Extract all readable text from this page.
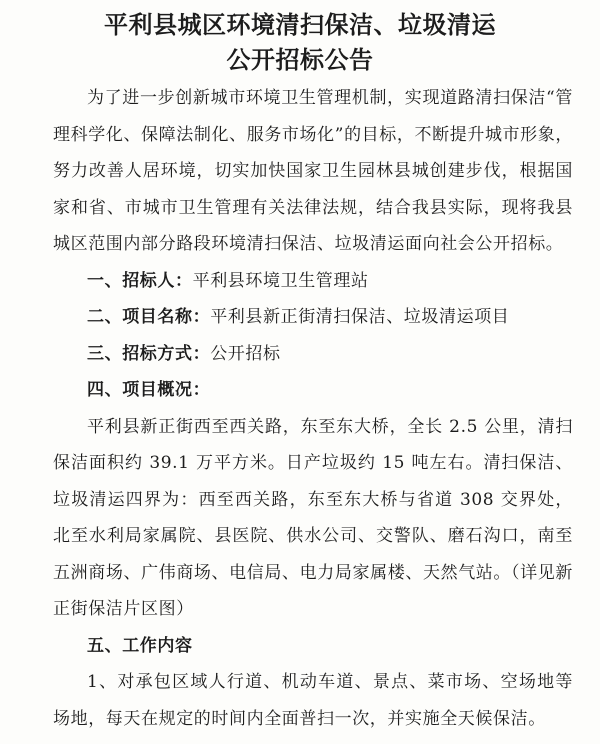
平利县城区环境清扫保洁、垃圾清运
公开招标公告

为了进一步创新城市环境卫生管理机制，实现道路清扫保洁“管理科学化、保障法制化、服务市场化”的目标，不断提升城市形象，努力改善人居环境，切实加快国家卫生园林县城创建步伐，根据国家和省、市城市卫生管理有关法律法规，结合我县实际，现将我县城区范围内部分路段环境清扫保洁、垃圾清运面向社会公开招标。

一、招标人：平利县环境卫生管理站

二、项目名称：平利县新正街清扫保洁、垃圾清运项目

三、招标方式：公开招标

四、项目概况：

平利县新正街西至西关路，东至东大桥，全长 2.5 公里，清扫保洁面积约 39.1 万平方米。日产垃圾约 15 吨左右。清扫保洁、垃圾清运四界为：西至西关路，东至东大桥与省道 308 交界处，北至水利局家属院、县医院、供水公司、交警队、磨石沟口，南至五洲商场、广伟商场、电信局、电力局家属楼、天然气站。（详见新正街保洁片区图）

五、工作内容

1、对承包区域人行道、机动车道、景点、菜市场、空场地等场地，每天在规定的时间内全面普扫一次，并实施全天候保洁。
